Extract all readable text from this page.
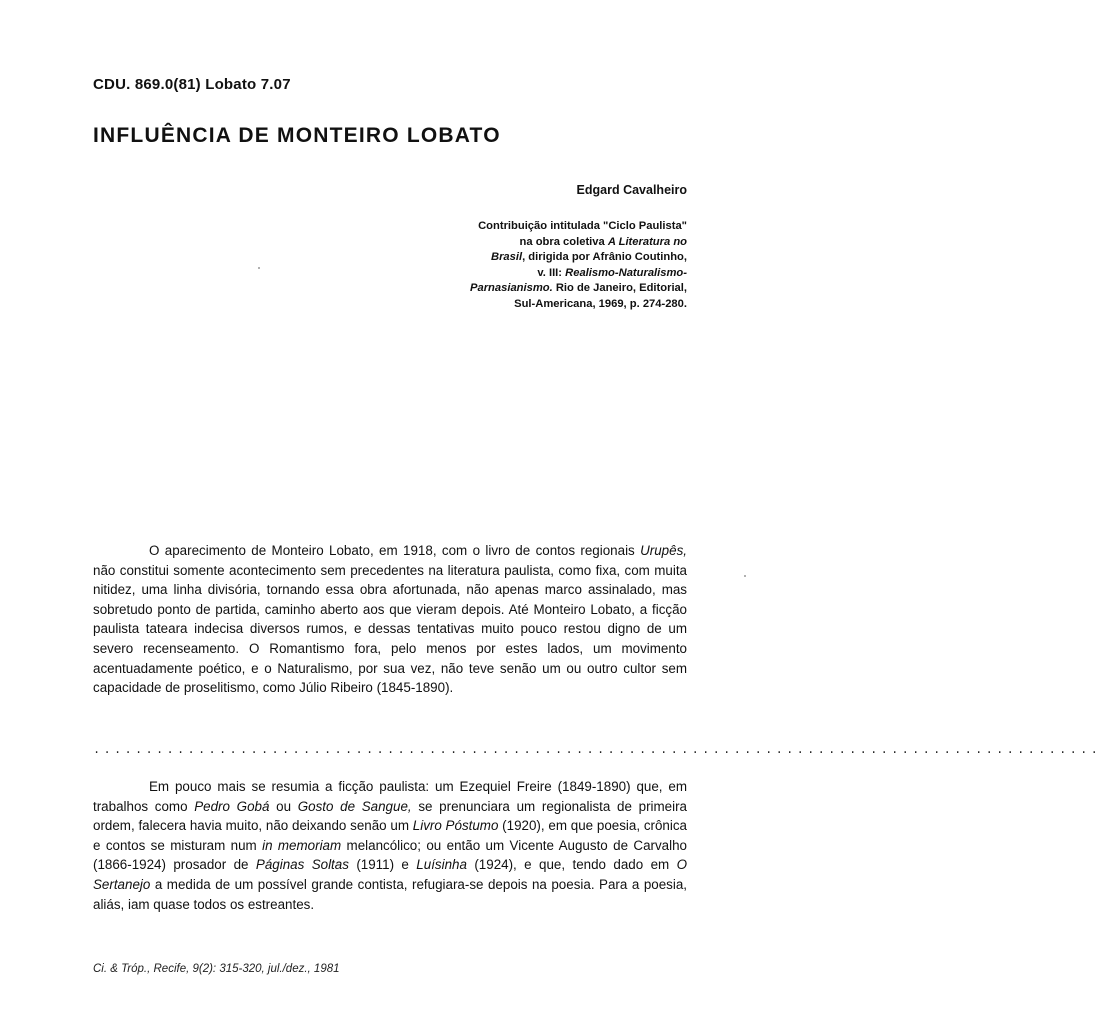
CDU. 869.0(81) Lobato 7.07
INFLUÊNCIA DE MONTEIRO LOBATO
Edgard Cavalheiro
Contribuição intitulada "Ciclo Paulista"
na obra coletiva A Literatura no
Brasil, dirigida por Afrânio Coutinho,
v. III: Realismo-Naturalismo-
Parnasianismo. Rio de Janeiro, Editorial,
Sul-Americana, 1969, p. 274-280.

O aparecimento de Monteiro Lobato, em 1918, com o livro de contos regionais Urupês, não constitui somente acontecimento sem precedentes na literatura paulista, como fixa, com muita nitidez, uma linha divisória, tornando essa obra afortunada, não apenas marco assinalado, mas sobretudo ponto de partida, caminho aberto aos que vieram depois. Até Monteiro Lobato, a ficção paulista tateara indecisa diversos rumos, e dessas tentativas muito pouco restou digno de um severo recenseamento. O Romantismo fora, pelo menos por estes lados, um movimento acentuadamente poético, e o Naturalismo, por sua vez, não teve senão um ou outro cultor sem capacidade de proselitismo, como Júlio Ribeiro (1845-1890).

................................................................................................

Em pouco mais se resumia a ficção paulista: um Ezequiel Freire (1849-1890) que, em trabalhos como Pedro Gobá ou Gosto de Sangue, se prenunciara um regionalista de primeira ordem, falecera havia muito, não deixando senão um Livro Póstumo (1920), em que poesia, crônica e contos se misturam num in memoriam melancólico; ou então um Vicente Augusto de Carvalho (1866-1924) prosador de Páginas Soltas (1911) e Luísinha (1924), e que, tendo dado em O Sertanejo a medida de um possível grande contista, refugiara-se depois na poesia. Para a poesia, aliás, iam quase todos os estreantes.

Ci. & Tróp., Recife, 9(2): 315-320, jul./dez., 1981
